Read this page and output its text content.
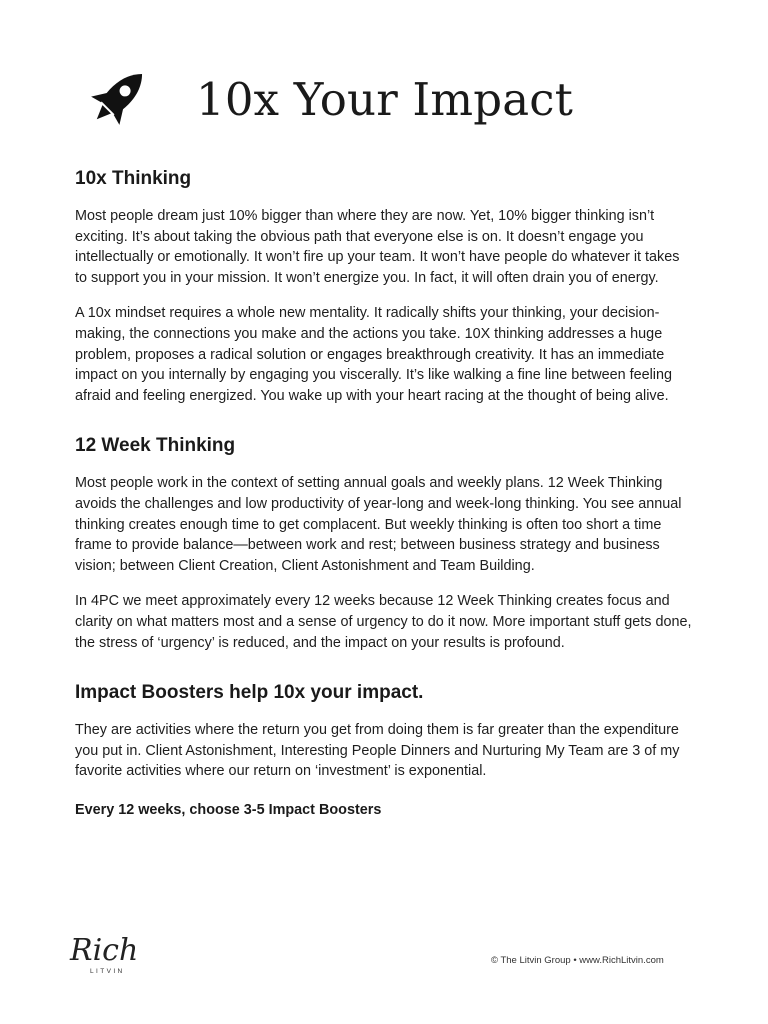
10x Your Impact
10x Thinking

Most people dream just 10% bigger than where they are now. Yet, 10% bigger thinking isn’t exciting. It’s about taking the obvious path that everyone else is on. It doesn’t engage you intellectually or emotionally. It won’t fire up your team. It won’t have people do whatever it takes to support you in your mission. It won’t energize you. In fact, it will often drain you of energy.

A 10x mindset requires a whole new mentality. It radically shifts your thinking, your decision-making, the connections you make and the actions you take. 10X thinking addresses a huge problem, proposes a radical solution or engages breakthrough creativity. It has an immediate impact on you internally by engaging you viscerally. It’s like walking a fine line between feeling afraid and feeling energized. You wake up with your heart racing at the thought of being alive.

12 Week Thinking

Most people work in the context of setting annual goals and weekly plans. 12 Week Thinking avoids the challenges and low productivity of year-long and week-long thinking. You see annual thinking creates enough time to get complacent. But weekly thinking is often too short a time frame to provide balance—between work and rest; between business strategy and business vision; between Client Creation, Client Astonishment and Team Building.

In 4PC we meet approximately every 12 weeks because 12 Week Thinking creates focus and clarity on what matters most and a sense of urgency to do it now. More important stuff gets done, the stress of ‘urgency’ is reduced, and the impact on your results is profound.

Impact Boosters help 10x your impact.

They are activities where the return you get from doing them is far greater than the expenditure you put in. Client Astonishment, Interesting People Dinners and Nurturing My Team are 3 of my favorite activities where our return on ‘investment’ is exponential.

Every 12 weeks, choose 3-5 Impact Boosters
Rich
LITVIN
© The Litvin Group • www.RichLitvin.com
